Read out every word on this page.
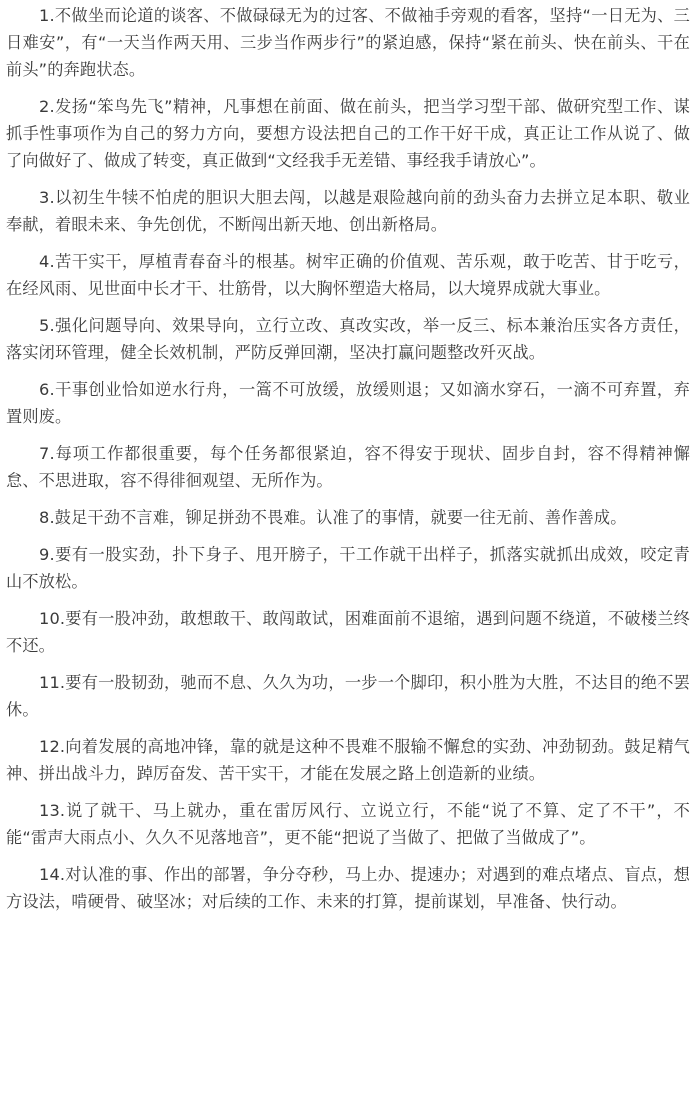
1.不做坐而论道的谈客、不做碌碌无为的过客、不做袖手旁观的看客，坚持“一日无为、三日难安”，有“一天当作两天用、三步当作两步行”的紧迫感，保持“紧在前头、快在前头、干在前头”的奔跑状态。

2.发扬“笨鸟先飞”精神，凡事想在前面、做在前头，把当学习型干部、做研究型工作、谋抓手性事项作为自己的努力方向，要想方设法把自己的工作干好干成，真正让工作从说了、做了向做好了、做成了转变，真正做到“文经我手无差错、事经我手请放心”。

3.以初生牛犊不怕虎的胆识大胆去闯，以越是艰险越向前的劲头奋力去拼立足本职、敬业奉献，着眼未来、争先创优，不断闯出新天地、创出新格局。

4.苦干实干，厚植青春奋斗的根基。树牢正确的价值观、苦乐观，敢于吃苦、甘于吃亏，在经风雨、见世面中长才干、壮筋骨，以大胸怀塑造大格局，以大境界成就大事业。

5.强化问题导向、效果导向，立行立改、真改实改，举一反三、标本兼治压实各方责任，落实闭环管理，健全长效机制，严防反弹回潮，坚决打赢问题整改歼灭战。

6.干事创业恰如逆水行舟，一篙不可放缓，放缓则退；又如滴水穿石，一滴不可弃置，弃置则废。

7.每项工作都很重要，每个任务都很紧迫，容不得安于现状、固步自封，容不得精神懈怠、不思进取，容不得徘徊观望、无所作为。

8.鼓足干劲不言难，铆足拼劲不畏难。认准了的事情，就要一往无前、善作善成。

9.要有一股实劲，扑下身子、甩开膀子，干工作就干出样子，抓落实就抓出成效，咬定青山不放松。

10.要有一股冲劲，敢想敢干、敢闯敢试，困难面前不退缩，遇到问题不绕道，不破楼兰终不还。

11.要有一股韧劲，驰而不息、久久为功，一步一个脚印，积小胜为大胜，不达目的绝不罢休。

12.向着发展的高地冲锋，靠的就是这种不畏难不服输不懈怠的实劲、冲劲韧劲。鼓足精气神、拼出战斗力，踔厉奋发、苦干实干，才能在发展之路上创造新的业绩。

13.说了就干、马上就办，重在雷厉风行、立说立行，不能“说了不算、定了不干”，不能“雷声大雨点小、久久不见落地音”，更不能“把说了当做了、把做了当做成了”。

14.对认准的事、作出的部署，争分夺秒，马上办、提速办；对遇到的难点堵点、盲点，想方设法，啃硬骨、破坚冰；对后续的工作、未来的打算，提前谋划，早准备、快行动。
